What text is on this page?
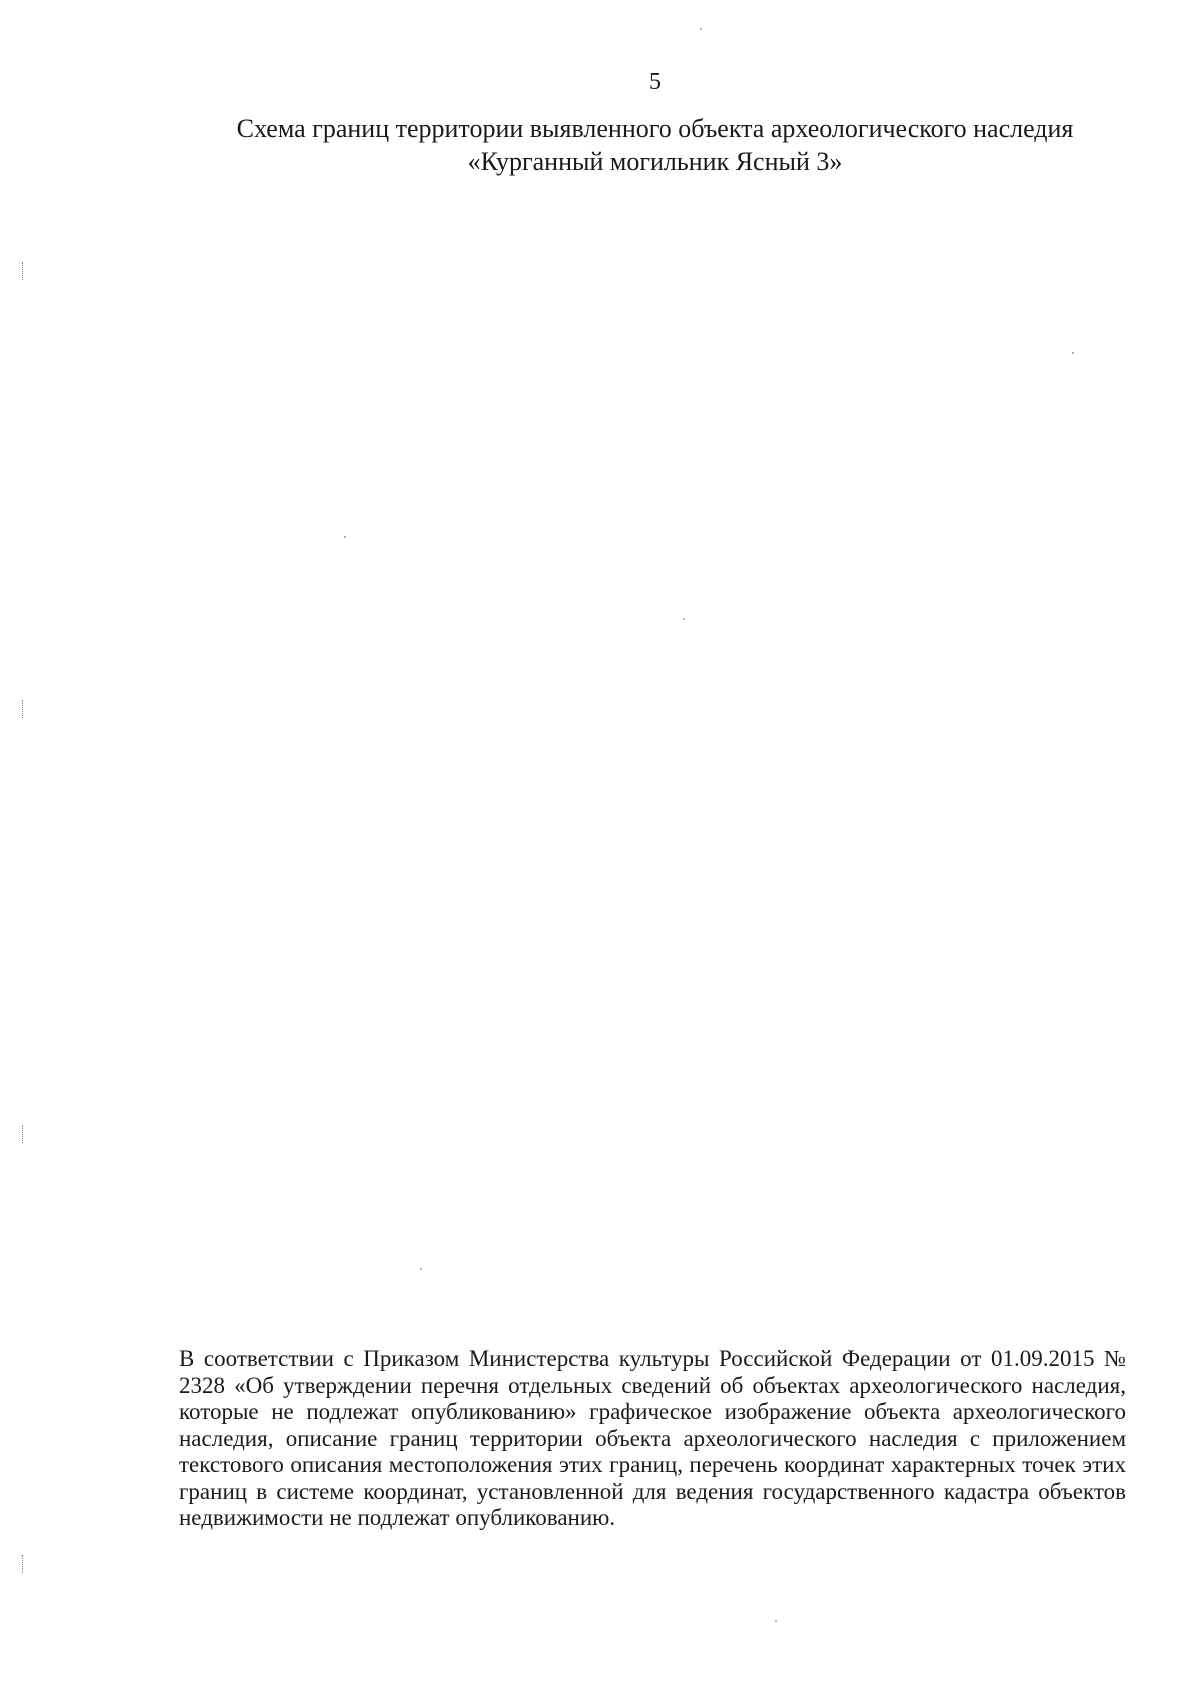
5
Схема границ территории выявленного объекта археологического наследия
«Курганный могильник Ясный 3»
В соответствии с Приказом Министерства культуры Российской Федерации от 01.09.2015 № 2328 «Об утверждении перечня отдельных сведений об объектах археологического наследия, которые не подлежат опубликованию» графическое изображение объекта археологического наследия, описание границ территории объекта археологического наследия с приложением текстового описания местоположения этих границ, перечень координат характерных точек этих границ в системе координат, установленной для ведения государственного кадастра объектов недвижимости не подлежат опубликованию.
